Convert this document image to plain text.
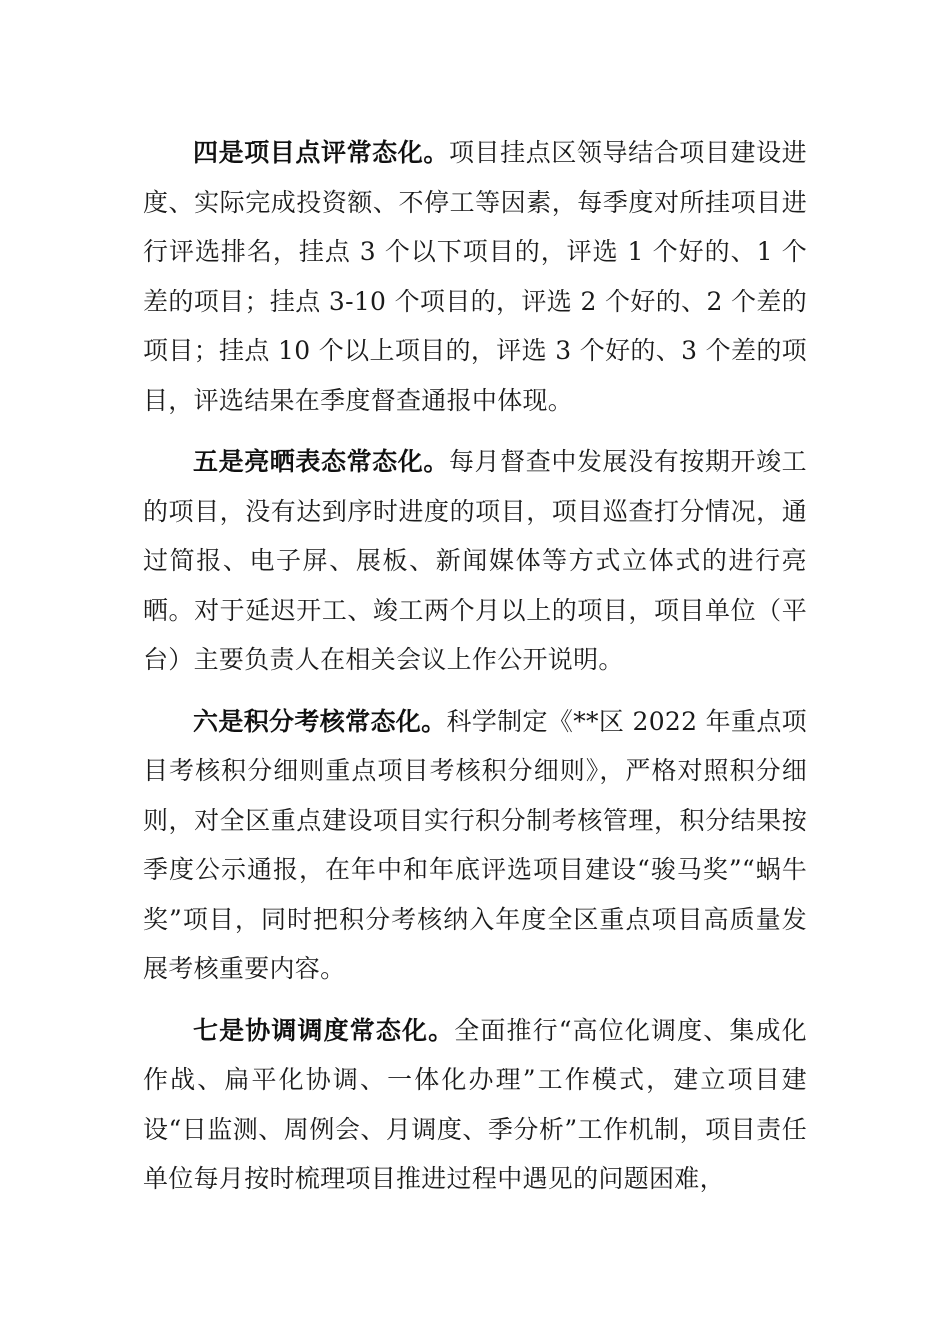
四是项目点评常态化。项目挂点区领导结合项目建设进度、实际完成投资额、不停工等因素，每季度对所挂项目进行评选排名，挂点 3 个以下项目的，评选 1 个好的、1 个差的项目；挂点 3-10 个项目的，评选 2 个好的、2 个差的项目；挂点 10 个以上项目的，评选 3 个好的、3 个差的项目，评选结果在季度督查通报中体现。

五是亮晒表态常态化。每月督查中发展没有按期开竣工的项目，没有达到序时进度的项目，项目巡查打分情况，通过简报、电子屏、展板、新闻媒体等方式立体式的进行亮晒。对于延迟开工、竣工两个月以上的项目，项目单位（平台）主要负责人在相关会议上作公开说明。

六是积分考核常态化。科学制定《**区 2022 年重点项目考核积分细则重点项目考核积分细则》，严格对照积分细则，对全区重点建设项目实行积分制考核管理，积分结果按季度公示通报，在年中和年底评选项目建设“骏马奖”“蜗牛奖”项目，同时把积分考核纳入年度全区重点项目高质量发展考核重要内容。

七是协调调度常态化。全面推行“高位化调度、集成化作战、扁平化协调、一体化办理”工作模式，建立项目建设“日监测、周例会、月调度、季分析”工作机制，项目责任单位每月按时梳理项目推进过程中遇见的问题困难，
